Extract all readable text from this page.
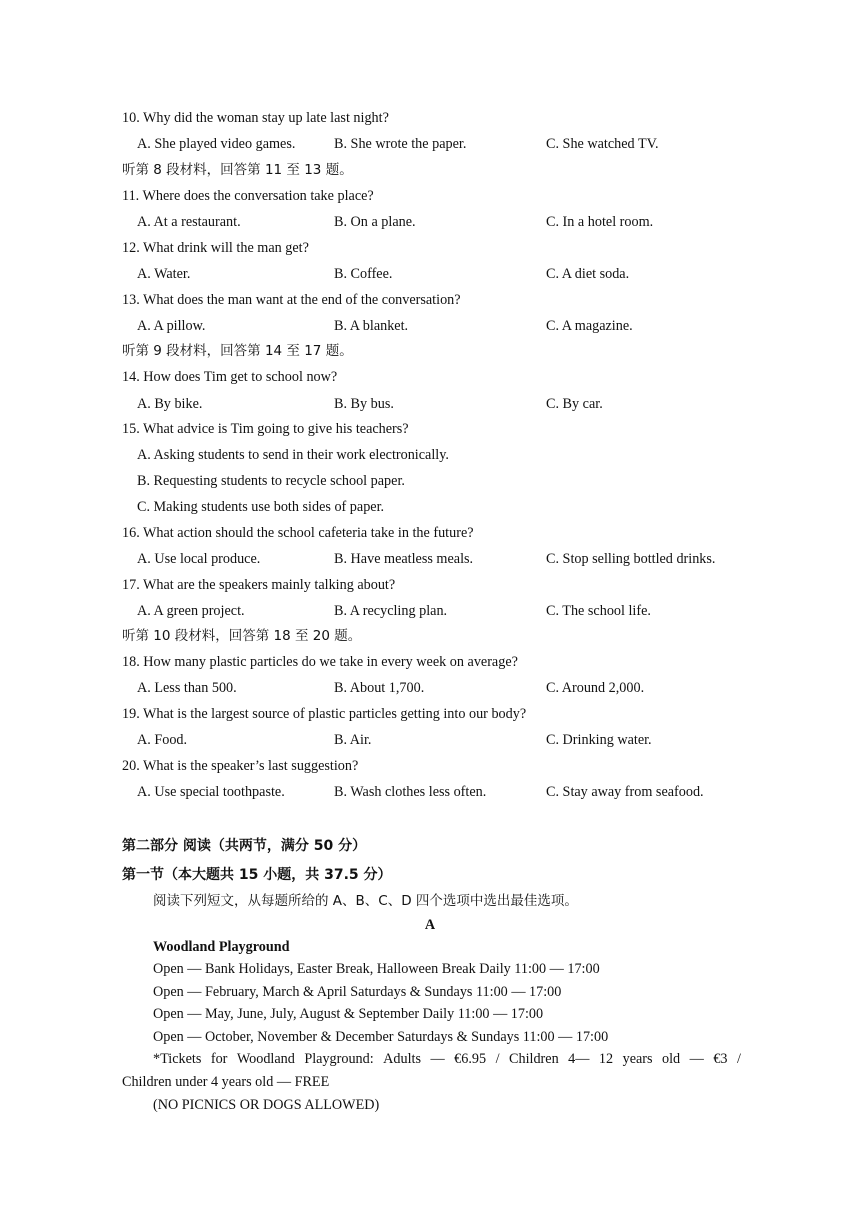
10. Why did the woman stay up late last night?
A. She played video games.	B. She wrote the paper.	C. She watched TV.
听第 8 段材料，回答第 11 至 13 题。
11. Where does the conversation take place?
A. At a restaurant.	B. On a plane.	C. In a hotel room.
12. What drink will the man get?
A. Water.	B. Coffee.	C. A diet soda.
13. What does the man want at the end of the conversation?
A. A pillow.	B. A blanket.	C. A magazine.
听第 9 段材料，回答第 14 至 17 题。
14. How does Tim get to school now?
A. By bike.	B. By bus.	C. By car.
15. What advice is Tim going to give his teachers?
A. Asking students to send in their work electronically.
B. Requesting students to recycle school paper.
C. Making students use both sides of paper.
16. What action should the school cafeteria take in the future?
A. Use local produce.	B. Have meatless meals.	C. Stop selling bottled drinks.
17. What are the speakers mainly talking about?
A. A green project.	B. A recycling plan.	C. The school life.
听第 10 段材料，回答第 18 至 20 题。
18. How many plastic particles do we take in every week on average?
A. Less than 500.	B. About 1,700.	C. Around 2,000.
19. What is the largest source of plastic particles getting into our body?
A. Food.	B. Air.	C. Drinking water.
20. What is the speaker’s last suggestion?
A. Use special toothpaste.	B. Wash clothes less often.	C. Stay away from seafood.
第二部分 阅读（共两节，满分 50 分）
第一节（本大题共 15 小题，共 37.5 分）
阅读下列短文，从每题所给的 A、B、C、D 四个选项中选出最佳选项。
A
Woodland Playground
Open — Bank Holidays, Easter Break, Halloween Break Daily 11:00 — 17:00
Open — February, March & April Saturdays & Sundays 11:00 — 17:00
Open — May, June, July, August & September Daily 11:00 — 17:00
Open — October, November & December Saturdays & Sundays 11:00 — 17:00
*Tickets for Woodland Playground: Adults — €6.95 / Children 4— 12 years old — €3 /
Children under 4 years old — FREE
(NO PICNICS OR DOGS ALLOWED)
